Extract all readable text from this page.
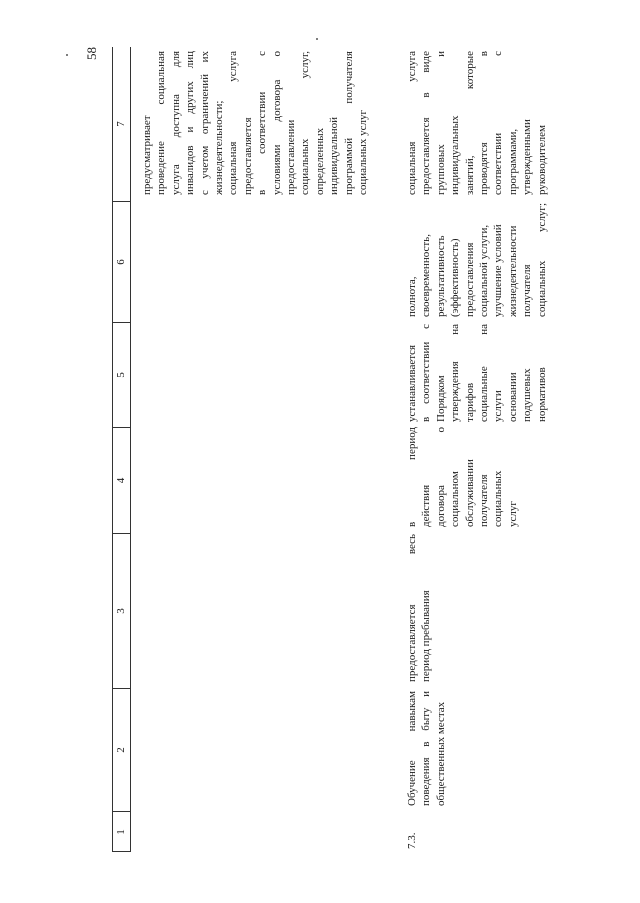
58
1
2
3
4
5
6
7 предусматривает проведение социальная услуга доступна для инвалидов и других лиц с учетом ограничений их жизнедеятельности; социальная услуга предоставляется в соответствии с условиями договора о предоставлении социальных услуг, определенных индивидуальной программой получателя социальных услуг

7.3.

Обучение навыкам поведения в быту и общественных местах

предоставляется весь период пребывания

в период действия договора о социальном обслуживании получателя социальных услуг

устанавливается в соответствии с Порядком утверждения на тарифов социальные на услуги основании подушевых нормативов

полнота, своевременность, результативность (эффективность) предоставления социальной услуги, улучшение условий жизнедеятельности получателя социальных услуг;

социальная услуга предоставляется в виде групповых и индивидуальных занятий, которые проводятся в соответствии с программами, утвержденными руководителем
